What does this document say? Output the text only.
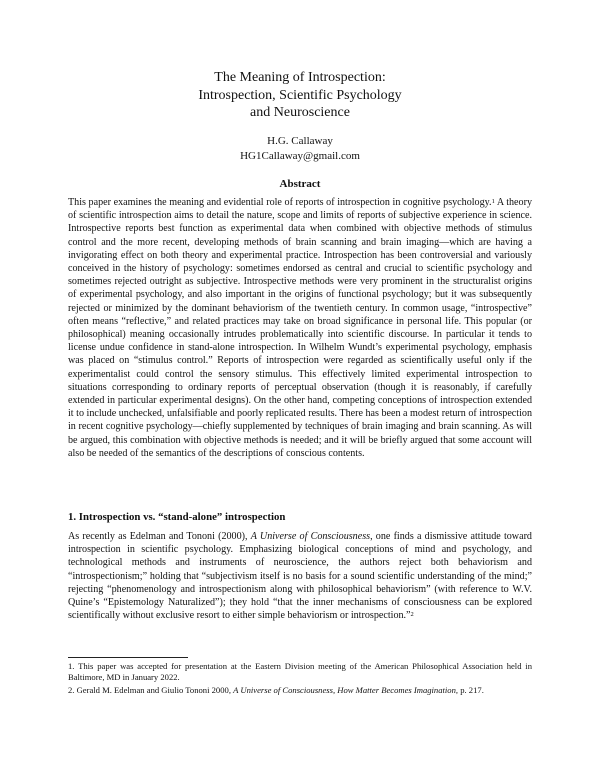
The Meaning of Introspection:
Introspection, Scientific Psychology
and Neuroscience
H.G. Callaway
HG1Callaway@gmail.com
Abstract
This paper examines the meaning and evidential role of reports of introspection in cognitive psychology.$^1$ A theory of scientific introspection aims to detail the nature, scope and limits of reports of subjective experience in science. Introspective reports best function as experimental data when combined with objective methods of stimulus control and the more recent, developing methods of brain scanning and brain imaging—which are having a invigorating effect on both theory and experimental practice. Introspection has been controversial and variously conceived in the history of psychology: sometimes endorsed as central and crucial to scientific psychology and sometimes rejected outright as subjective. Introspective methods were very prominent in the structuralist origins of experimental psychology, and also important in the origins of functional psychology; but it was subsequently rejected or minimized by the dominant behaviorism of the twentieth century. In common usage, “introspective” often means “reflective,” and related practices may take on broad significance in personal life. This popular (or philosophical) meaning occasionally intrudes problematically into scientific discourse. In particular it tends to license undue confidence in stand-alone introspection. In Wilhelm Wundt’s experimental psychology, emphasis was placed on “stimulus control.” Reports of introspection were regarded as scientifically useful only if the experimentalist could control the sensory stimulus. This effectively limited experimental introspection to situations corresponding to ordinary reports of perceptual observation (though it is reasonably, if carefully extended in particular experimental designs). On the other hand, competing conceptions of introspection extended it to include unchecked, unfalsifiable and poorly replicated results. There has been a modest return of introspection in recent cognitive psychology—chiefly supplemented by techniques of brain imaging and brain scanning. As will be argued, this combination with objective methods is needed; and it will be briefly argued that some account will also be needed of the semantics of the descriptions of conscious contents.
1. Introspection vs. “stand-alone” introspection
As recently as Edelman and Tononi (2000), A Universe of Consciousness, one finds a dismissive attitude toward introspection in scientific psychology. Emphasizing biological conceptions of mind and psychology, and technological methods and instruments of neuroscience, the authors reject both behaviorism and “introspectionism;” holding that “subjectivism itself is no basis for a sound scientific understanding of the mind;” rejecting “phenomenology and introspectionism along with philosophical behaviorism” (with reference to W.V. Quine’s “Epistemology Naturalized”); they hold “that the inner mechanisms of consciousness can be explored scientifically without exclusive resort to either simple behaviorism or introspection.”$^2$
1. This paper was accepted for presentation at the Eastern Division meeting of the American Philosophical Association held in Baltimore, MD in January 2022.
2. Gerald M. Edelman and Giulio Tononi 2000, A Universe of Consciousness, How Matter Becomes Imagination, p. 217.
